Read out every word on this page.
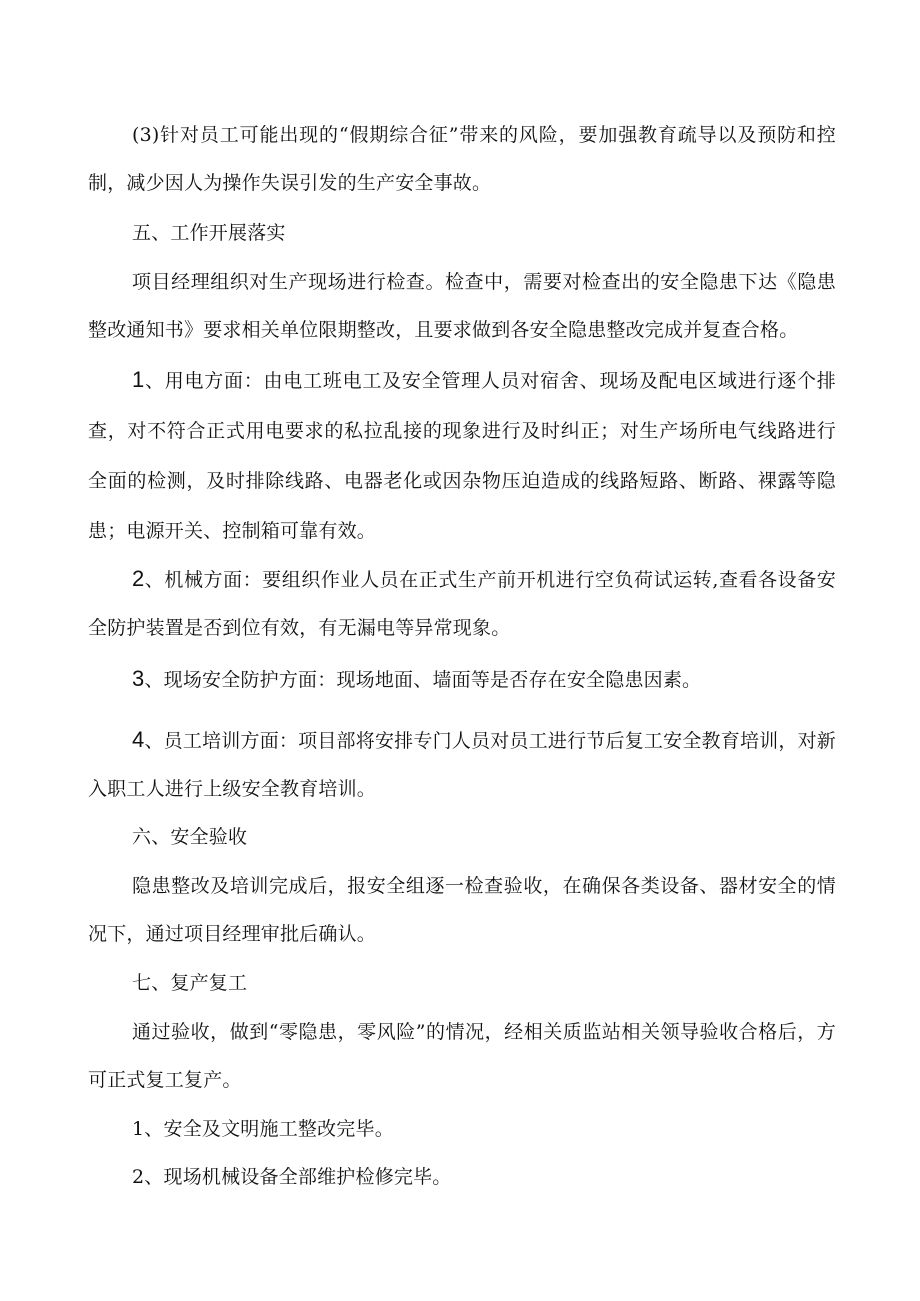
(3)针对员工可能出现的“假期综合征”带来的风险，要加强教育疏导以及预防和控制，减少因人为操作失误引发的生产安全事故。

五、工作开展落实

项目经理组织对生产现场进行检查。检查中，需要对检查出的安全隐患下达《隐患整改通知书》要求相关单位限期整改，且要求做到各安全隐患整改完成并复查合格。

1、用电方面：由电工班电工及安全管理人员对宿舍、现场及配电区域进行逐个排查，对不符合正式用电要求的私拉乱接的现象进行及时纠正；对生产场所电气线路进行全面的检测，及时排除线路、电器老化或因杂物压迫造成的线路短路、断路、裸露等隐患；电源开关、控制箱可靠有效。

2、机械方面：要组织作业人员在正式生产前开机进行空负荷试运转,查看各设备安全防护装置是否到位有效，有无漏电等异常现象。

3、现场安全防护方面：现场地面、墙面等是否存在安全隐患因素。

4、员工培训方面：项目部将安排专门人员对员工进行节后复工安全教育培训，对新入职工人进行上级安全教育培训。

六、安全验收

隐患整改及培训完成后，报安全组逐一检查验收，在确保各类设备、器材安全的情况下，通过项目经理审批后确认。

七、复产复工

通过验收，做到“零隐患，零风险”的情况，经相关质监站相关领导验收合格后，方可正式复工复产。

1、安全及文明施工整改完毕。

2、现场机械设备全部维护检修完毕。
